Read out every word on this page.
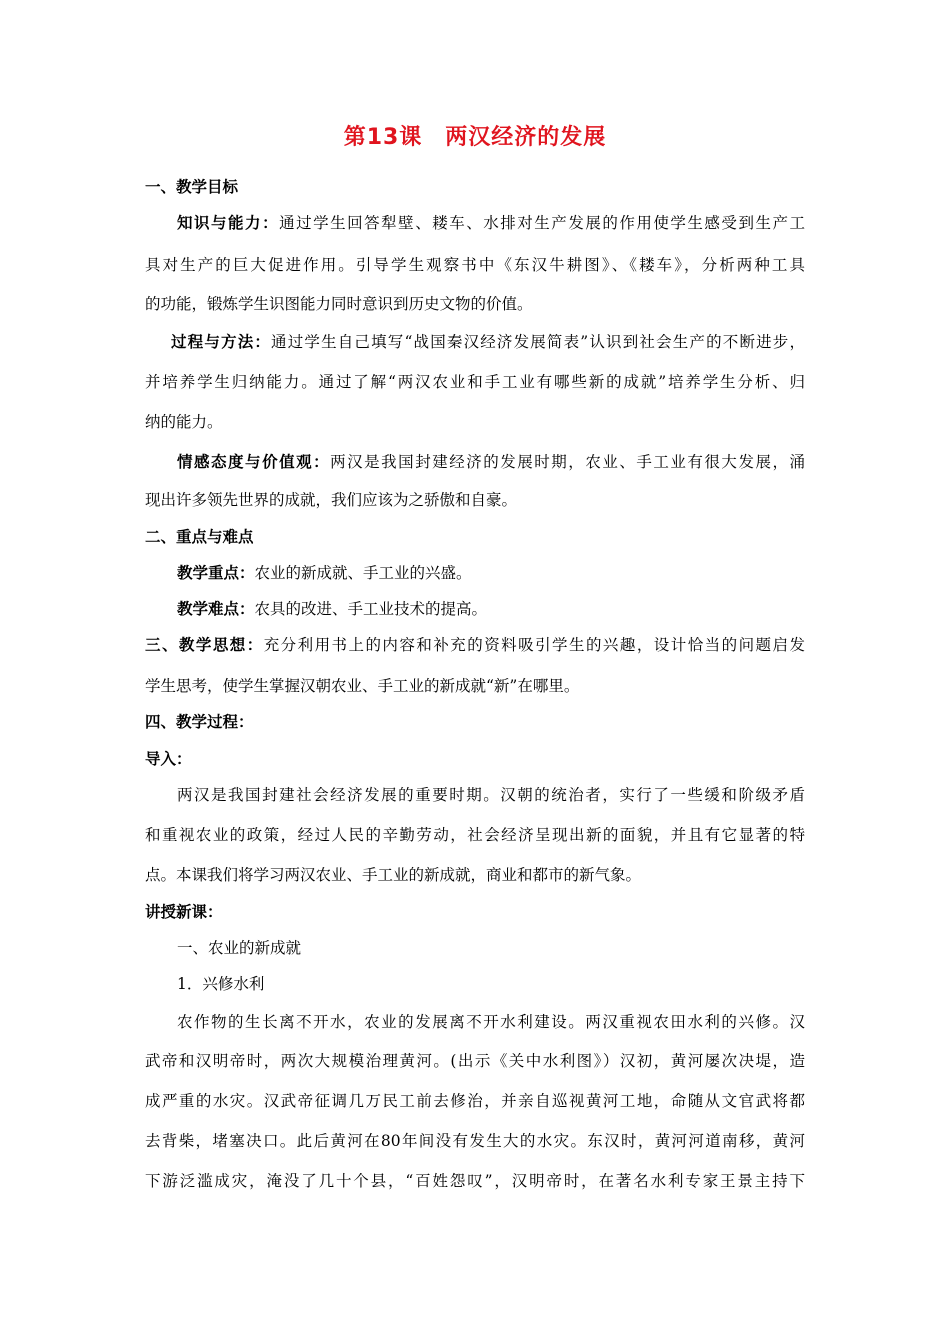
第13课　两汉经济的发展
一、教学目标
知识与能力：通过学生回答犁壁、耧车、水排对生产发展的作用使学生感受到生产工
具对生产的巨大促进作用。引导学生观察书中《东汉牛耕图》、《耧车》，分析两种工具
的功能，锻炼学生识图能力同时意识到历史文物的价值。
过程与方法：通过学生自己填写“战国秦汉经济发展简表”认识到社会生产的不断进步，
并培养学生归纳能力。通过了解“两汉农业和手工业有哪些新的成就”培养学生分析、归
纳的能力。
情感态度与价值观：两汉是我国封建经济的发展时期，农业、手工业有很大发展，涌
现出许多领先世界的成就，我们应该为之骄傲和自豪。
二、重点与难点
教学重点：农业的新成就、手工业的兴盛。
教学难点：农具的改进、手工业技术的提高。
三、教学思想：充分利用书上的内容和补充的资料吸引学生的兴趣，设计恰当的问题启发
学生思考，使学生掌握汉朝农业、手工业的新成就“新”在哪里。
四、教学过程：
导入：
两汉是我国封建社会经济发展的重要时期。汉朝的统治者，实行了一些缓和阶级矛盾
和重视农业的政策，经过人民的辛勤劳动，社会经济呈现出新的面貌，并且有它显著的特
点。本课我们将学习两汉农业、手工业的新成就，商业和都市的新气象。
讲授新课：
一、农业的新成就
1．兴修水利
农作物的生长离不开水，农业的发展离不开水利建设。两汉重视农田水利的兴修。汉
武帝和汉明帝时，两次大规模治理黄河。(出示《关中水利图》）汉初，黄河屡次决堤，造
成严重的水灾。汉武帝征调几万民工前去修治，并亲自巡视黄河工地，命随从文官武将都
去背柴，堵塞决口。此后黄河在80年间没有发生大的水灾。东汉时，黄河河道南移，黄河
下游泛滥成灾，淹没了几十个县，“百姓怨叹”，汉明帝时，在著名水利专家王景主持下
